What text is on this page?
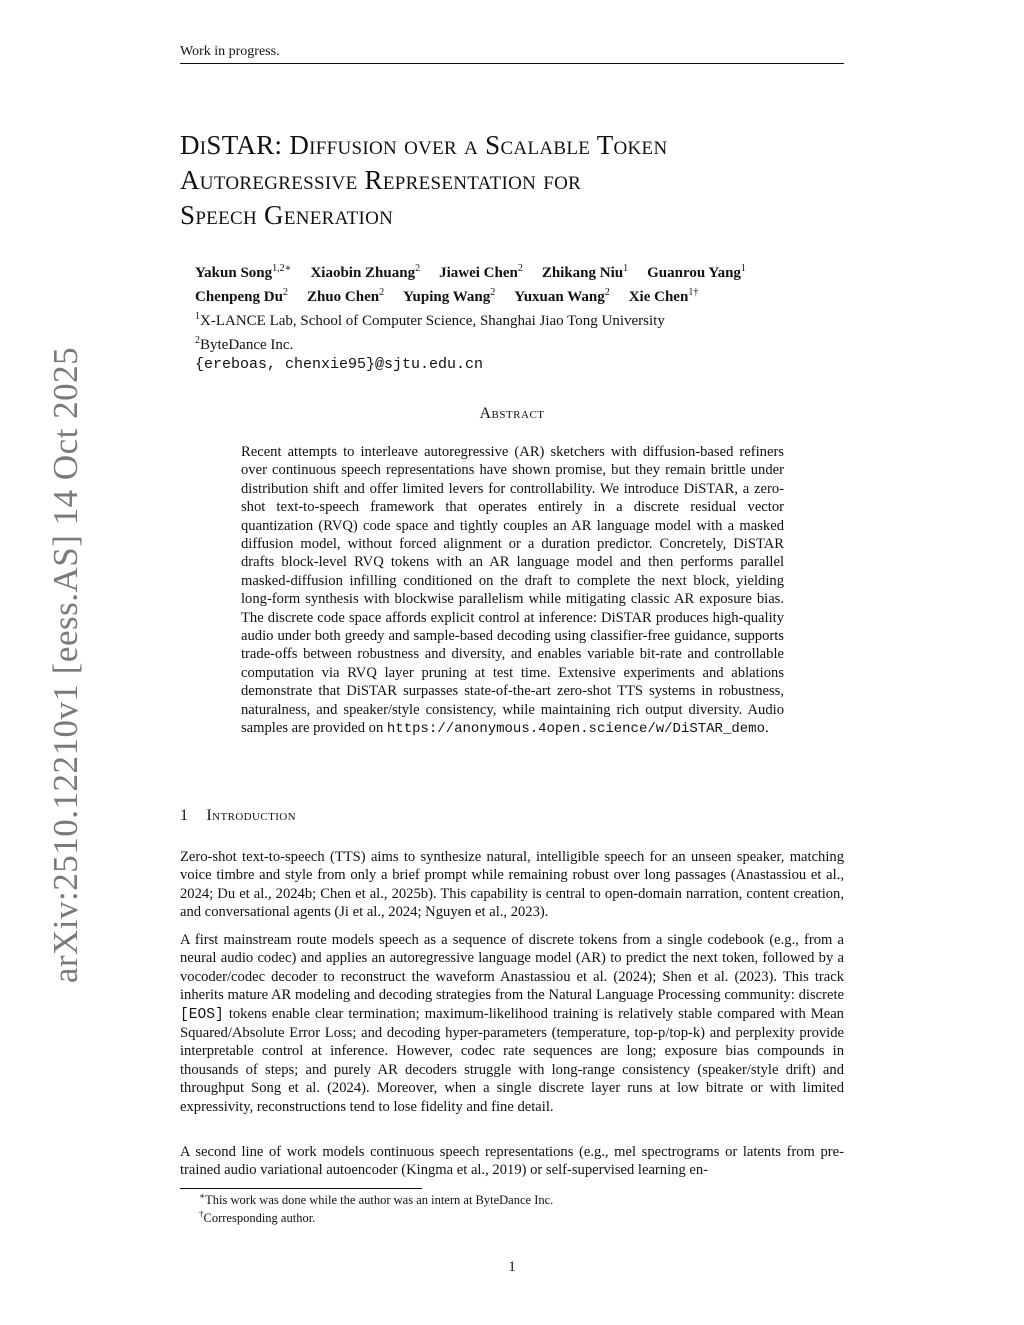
Work in progress.
arXiv:2510.12210v1 [eess.AS] 14 Oct 2025
DiSTAR: Diffusion over a Scalable Token
Autoregressive Representation for
Speech Generation
Yakun Song$^{1,2∗}$ Xiaobin Zhuang$^2$ Jiawei Chen$^2$ Zhikang Niu$^1$ Guanrou Yang$^1$
Chenpeng Du$^2$ Zhuo Chen$^2$ Yuping Wang$^2$ Yuxuan Wang$^2$ Xie Chen$^{1\dagger}$
$^1$X-LANCE Lab, School of Computer Science, Shanghai Jiao Tong University
$^2$ByteDance Inc.
{ereboas, chenxie95}@sjtu.edu.cn
Abstract
Recent attempts to interleave autoregressive (AR) sketchers with diffusion-based refiners over continuous speech representations have shown promise, but they remain brittle under distribution shift and offer limited levers for controllability. We introduce DiSTAR, a zero-shot text-to-speech framework that operates entirely in a discrete residual vector quantization (RVQ) code space and tightly couples an AR language model with a masked diffusion model, without forced alignment or a duration predictor. Concretely, DiSTAR drafts block-level RVQ tokens with an AR language model and then performs parallel masked-diffusion infilling conditioned on the draft to complete the next block, yielding long-form synthesis with blockwise parallelism while mitigating classic AR exposure bias. The discrete code space affords explicit control at inference: DiSTAR produces high-quality audio under both greedy and sample-based decoding using classifier-free guidance, supports trade-offs between robustness and diversity, and enables variable bit-rate and controllable computation via RVQ layer pruning at test time. Extensive experiments and ablations demonstrate that DiSTAR surpasses state-of-the-art zero-shot TTS systems in robustness, naturalness, and speaker/style consistency, while maintaining rich output diversity. Audio samples are provided on https://anonymous.4open.science/w/DiSTAR_demo.
1 Introduction
Zero-shot text-to-speech (TTS) aims to synthesize natural, intelligible speech for an unseen speaker, matching voice timbre and style from only a brief prompt while remaining robust over long passages (Anastassiou et al., 2024; Du et al., 2024b; Chen et al., 2025b). This capability is central to open-domain narration, content creation, and conversational agents (Ji et al., 2024; Nguyen et al., 2023).
A first mainstream route models speech as a sequence of discrete tokens from a single codebook (e.g., from a neural audio codec) and applies an autoregressive language model (AR) to predict the next token, followed by a vocoder/codec decoder to reconstruct the waveform Anastassiou et al. (2024); Shen et al. (2023). This track inherits mature AR modeling and decoding strategies from the Natural Language Processing community: discrete [EOS] tokens enable clear termination; maximum-likelihood training is relatively stable compared with Mean Squared/Absolute Error Loss; and decoding hyper-parameters (temperature, top-p/top-k) and perplexity provide interpretable control at inference. However, codec rate sequences are long; exposure bias compounds in thousands of steps; and purely AR decoders struggle with long-range consistency (speaker/style drift) and throughput Song et al. (2024). Moreover, when a single discrete layer runs at low bitrate or with limited expressivity, reconstructions tend to lose fidelity and fine detail.
A second line of work models continuous speech representations (e.g., mel spectrograms or latents from pre-trained audio variational autoencoder (Kingma et al., 2019) or self-supervised learning en-
∗This work was done while the author was an intern at ByteDance Inc.
†Corresponding author.
1
